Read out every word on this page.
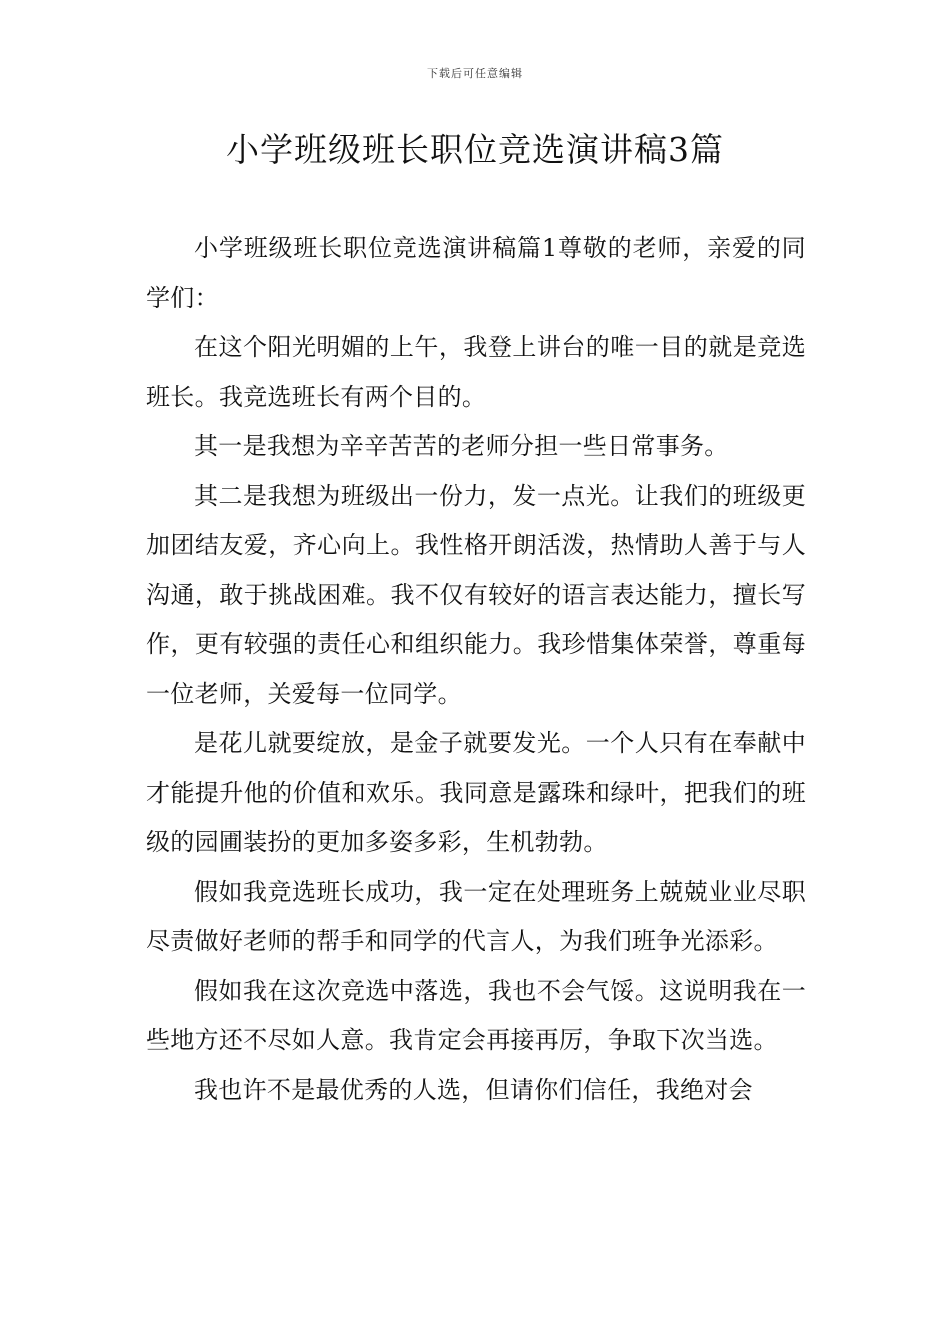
下载后可任意编辑
小学班级班长职位竞选演讲稿3篇

小学班级班长职位竞选演讲稿篇1尊敬的老师，亲爱的同学们：

在这个阳光明媚的上午，我登上讲台的唯一目的就是竞选班长。我竞选班长有两个目的。

其一是我想为辛辛苦苦的老师分担一些日常事务。

其二是我想为班级出一份力，发一点光。让我们的班级更加团结友爱，齐心向上。我性格开朗活泼，热情助人善于与人沟通，敢于挑战困难。我不仅有较好的语言表达能力，擅长写作，更有较强的责任心和组织能力。我珍惜集体荣誉，尊重每一位老师，关爱每一位同学。

是花儿就要绽放，是金子就要发光。一个人只有在奉献中才能提升他的价值和欢乐。我同意是露珠和绿叶，把我们的班级的园圃装扮的更加多姿多彩，生机勃勃。

假如我竞选班长成功，我一定在处理班务上兢兢业业尽职尽责做好老师的帮手和同学的代言人，为我们班争光添彩。

假如我在这次竞选中落选，我也不会气馁。这说明我在一些地方还不尽如人意。我肯定会再接再厉，争取下次当选。

我也许不是最优秀的人选，但请你们信任，我绝对会
